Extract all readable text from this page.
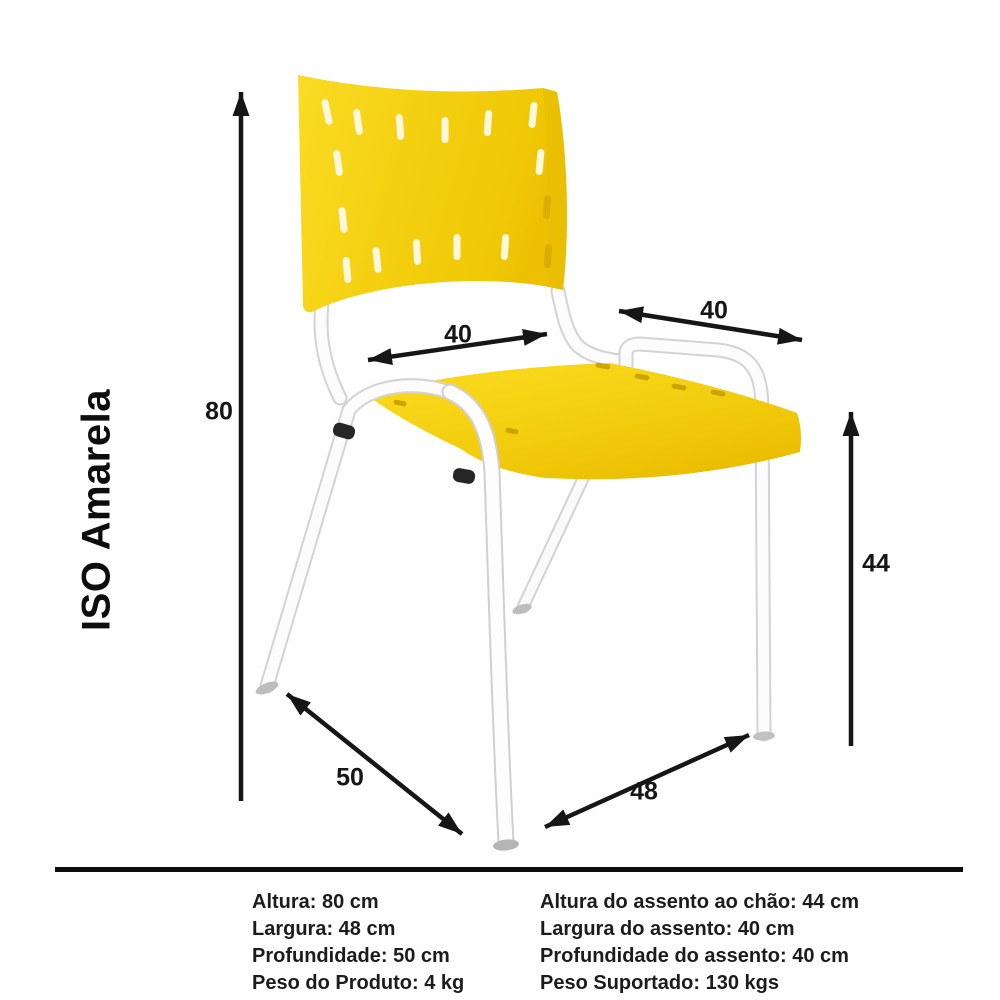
ISO Amarela	80
40
40
44
50	48
Altura: 80 cm
Largura: 48 cm
Profundidade: 50 cm
Peso do Produto: 4 kg
Altura do assento ao chão: 44 cm
Largura do assento: 40 cm
Profundidade do assento: 40 cm
Peso Suportado: 130 kgs
